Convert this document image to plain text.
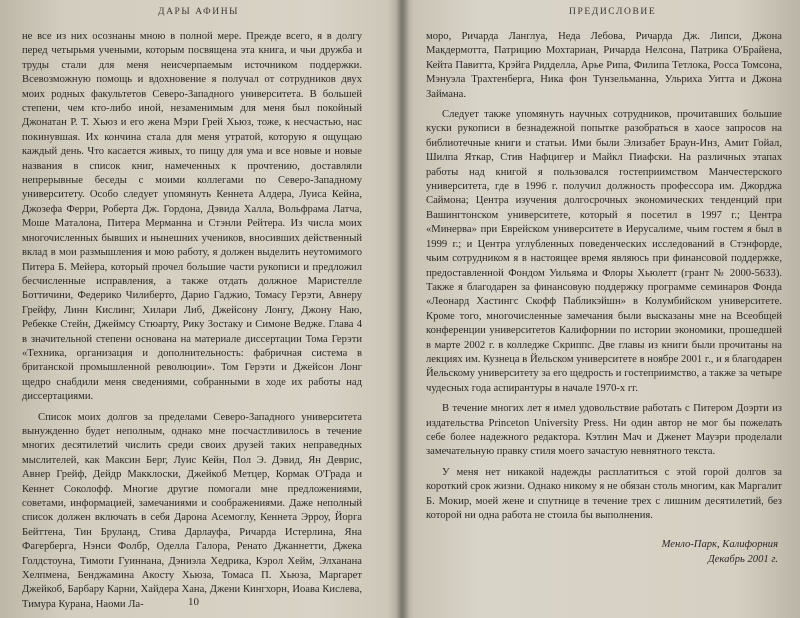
ДАРЫ АФИНЫ

не все из них осознаны мною в полной мере. Прежде всего, я в долгу перед четырьмя учеными, которым посвящена эта книга, и чьи дружба и труды стали для меня неисчерпаемым источником поддержки. Всевозможную помощь и вдохновение я получал от сотрудников двух моих родных факультетов Северо-Западного университета. В большей степени, чем кто-либо иной, незаменимым для меня был покойный Джонатан Р. Т. Хьюз и его жена Мэри Грей Хьюз, тоже, к несчастью, нас покинувшая. Их кончина стала для меня утратой, которую я ощущаю каждый день. Что касается живых, то пищу для ума и все новые и новые названия в список книг, намеченных к прочтению, доставляли непрерывные беседы с моими коллегами по Северо-Западному университету. Особо следует упомянуть Кеннета Алдера, Луиса Кейна, Джозефа Ферри, Роберта Дж. Гордона, Дэвида Халла, Вольфрама Латча, Моше Маталона, Питера Мерманна и Стэнли Рейтера. Из числа моих многочисленных бывших и нынешних учеников, вносивших действенный вклад в мои размышления и мою работу, я должен выделить неутомимого Питера Б. Мейера, который прочел большие части рукописи и предложил бесчисленные исправления, а также отдать должное Маристелле Боттичини, Федерико Чилиберто, Дарио Гаджио, Томасу Герэти, Авнеру Грейфу, Линн Кислинг, Хилари Либ, Джейсону Лонгу, Джону Наю, Ребекке Стейн, Джеймсу Стюарту, Рику Зостаку и Симоне Ведже. Глава 4 в значительной степени основана на материале диссертации Тома Герэти «Техника, организация и дополнительность: фабричная система в британской промышленной революции». Том Герэти и Джейсон Лонг щедро снабдили меня сведениями, собранными в ходе их работы над диссертациями.

Список моих долгов за пределами Северо-Западного университета вынужденно будет неполным, однако мне посчастливилось в течение многих десятилетий числить среди своих друзей таких неправедных мыслителей, как Максин Берг, Луис Кейн, Пол Э. Дэвид, Ян Деврис, Авнер Грейф, Дейдр Макклоски, Джейкоб Метцер, Кормак О'Града и Кеннет Соколофф. Многие другие помогали мне предложениями, советами, информацией, замечаниями и соображениями. Даже неполный список должен включать в себя Дарона Асемоглу, Кеннета Эрроу, Йорга Бейттена, Тин Бруланд, Стива Дарлауфа, Ричарда Истерлина, Яна Фагерберга, Нэнси Фолбр, Оделла Галора, Ренато Джаннетти, Джека Голдстоуна, Тимоти Гуиннана, Дэниэла Хедрика, Кэрол Хейм, Элханана Хелпмена, Бенджамина Акосту Хьюза, Томаса П. Хьюза, Маргарет Джейкоб, Барбару Карни, Хайдера Хана, Джени Кингхорн, Иоава Кислева, Тимура Курана, Наоми Ла-	10
ПРЕДИСЛОВИЕ

моро, Ричарда Ланглуа, Неда Лебова, Ричарда Дж. Липси, Джона Макдермотта, Патрицию Мохтариан, Ричарда Нелсона, Патрика О'Брайена, Кейта Павитта, Крэйга Ридделла, Арье Рипа, Филипа Тетлока, Росса Томсона, Мэнуэла Трахтенберга, Ника фон Тунзельманна, Ульриха Уитта и Джона Займана.

Следует также упомянуть научных сотрудников, прочитавших большие куски рукописи в безнадежной попытке разобраться в хаосе запросов на библиотечные книги и статьи. Ими были Элизабет Браун-Инз, Амит Гойал, Шилпа Яткар, Стив Нафцигер и Майкл Пиафски. На различных этапах работы над книгой я пользовался гостеприимством Манчестерского университета, где в 1996 г. получил должность профессора им. Джорджа Саймона; Центра изучения долгосрочных экономических тенденций при Вашингтонском университете, который я посетил в 1997 г.; Центра «Минерва» при Еврейском университете в Иерусалиме, чьим гостем я был в 1999 г.; и Центра углубленных поведенческих исследований в Стэнфорде, чьим сотрудником я в настоящее время являюсь при финансовой поддержке, предоставленной Фондом Уильяма и Флоры Хьюлетт (грант № 2000-5633). Также я благодарен за финансовую поддержку программе семинаров Фонда «Леонард Хастингс Скофф Пабликэйшн» в Колумбийском университете. Кроме того, многочисленные замечания были высказаны мне на Всеобщей конференции университетов Калифорнии по истории экономики, прошедшей в марте 2002 г. в колледже Скриппс. Две главы из книги были прочитаны на лекциях им. Кузнеца в Йельском университете в ноябре 2001 г., и я благодарен Йельскому университету за его щедрость и гостеприимство, а также за четыре чудесных года аспирантуры в начале 1970-х гг.

В течение многих лет я имел удовольствие работать с Питером Доэрти из издательства Princeton University Press. Ни один автор не мог бы пожелать себе более надежного редактора. Кэтлин Мач и Дженет Мауэри проделали замечательную правку стиля моего зачастую невнятного текста.

У меня нет никакой надежды расплатиться с этой горой долгов за короткий срок жизни. Однако никому я не обязан столь многим, как Маргалит Б. Мокир, моей жене и спутнице в течение трех с лишним десятилетий, без которой ни одна работа не стоила бы выполнения.

Менло-Парк, Калифорния
Декабрь 2001 г.
